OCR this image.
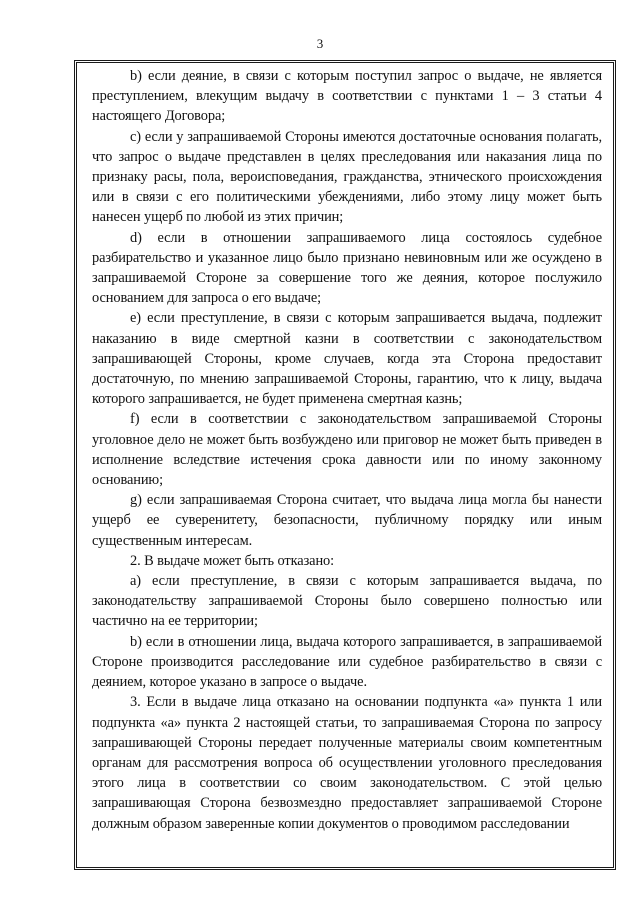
3

b) если деяние, в связи с которым поступил запрос о выдаче, не является преступлением, влекущим выдачу в соответствии с пунктами 1 – 3 статьи 4 настоящего Договора;

c) если у запрашиваемой Стороны имеются достаточные основания полагать, что запрос о выдаче представлен в целях преследования или наказания лица по признаку расы, пола, вероисповедания, гражданства, этнического происхождения или в связи с его политическими убеждениями, либо этому лицу может быть нанесен ущерб по любой из этих причин;

d) если в отношении запрашиваемого лица состоялось судебное разбирательство и указанное лицо было признано невиновным или же осуждено в запрашиваемой Стороне за совершение того же деяния, которое послужило основанием для запроса о его выдаче;

e) если преступление, в связи с которым запрашивается выдача, подлежит наказанию в виде смертной казни в соответствии с законодательством запрашивающей Стороны, кроме случаев, когда эта Сторона предоставит достаточную, по мнению запрашиваемой Стороны, гарантию, что к лицу, выдача которого запрашивается, не будет применена смертная казнь;

f) если в соответствии с законодательством запрашиваемой Стороны уголовное дело не может быть возбуждено или приговор не может быть приведен в исполнение вследствие истечения срока давности или по иному законному основанию;

g) если запрашиваемая Сторона считает, что выдача лица могла бы нанести ущерб ее суверенитету, безопасности, публичному порядку или иным существенным интересам.

2. В выдаче может быть отказано:

a) если преступление, в связи с которым запрашивается выдача, по законодательству запрашиваемой Стороны было совершено полностью или частично на ее территории;

b) если в отношении лица, выдача которого запрашивается, в запрашиваемой Стороне производится расследование или судебное разбирательство в связи с деянием, которое указано в запросе о выдаче.

3. Если в выдаче лица отказано на основании подпункта «a» пункта 1 или подпункта «a» пункта 2 настоящей статьи, то запрашиваемая Сторона по запросу запрашивающей Стороны передает полученные материалы своим компетентным органам для рассмотрения вопроса об осуществлении уголовного преследования этого лица в соответствии со своим законодательством. С этой целью запрашивающая Сторона безвозмездно предоставляет запрашиваемой Стороне должным образом заверенные копии документов о проводимом расследовании
